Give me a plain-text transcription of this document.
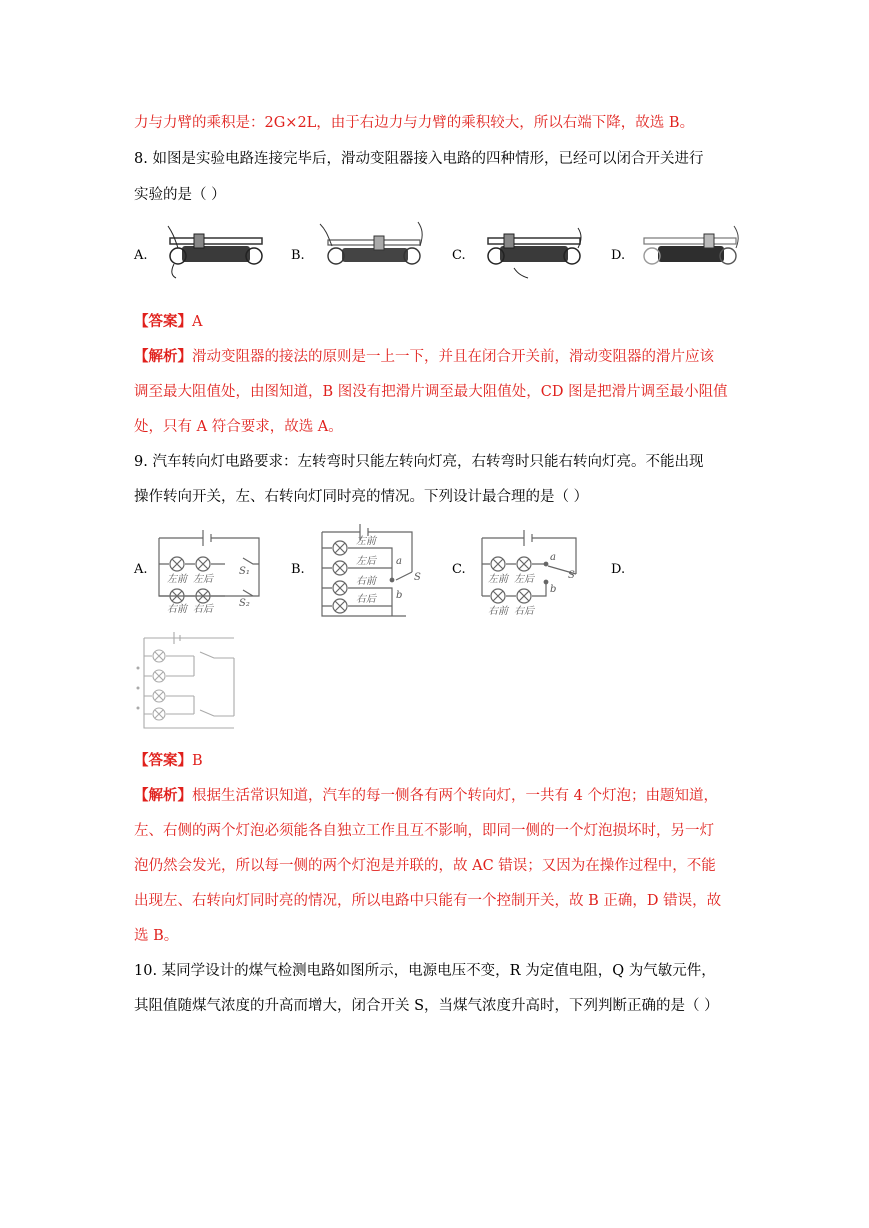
力与力臂的乘积是：2G×2L，由于右边力与力臂的乘积较大，所以右端下降，故选 B。
8. 如图是实验电路连接完毕后，滑动变阻器接入电路的四种情形，已经可以闭合开关进行
实验的是（ ）
A.	B.	C.	D.
【答案】A
【解析】滑动变阻器的接法的原则是一上一下，并且在闭合开关前，滑动变阻器的滑片应该
调至最大阻值处，由图知道，B 图没有把滑片调至最大阻值处，CD 图是把滑片调至最小阻值
处，只有 A 符合要求，故选 A。
9. 汽车转向灯电路要求：左转弯时只能左转向灯亮，右转弯时只能右转向灯亮。不能出现
操作转向开关，左、右转向灯同时亮的情况。下列设计最合理的是（ ）
A.
左前 左后
S₁
右前 右后
S₂
B.
左前
左后
右前
右后
a
b
S
C.
左前 左后
右前 右后
a
b
S	D.
【答案】B
【解析】根据生活常识知道，汽车的每一侧各有两个转向灯，一共有 4 个灯泡；由题知道，
左、右侧的两个灯泡必须能各自独立工作且互不影响，即同一侧的一个灯泡损坏时，另一灯
泡仍然会发光，所以每一侧的两个灯泡是并联的，故 AC 错误；又因为在操作过程中，不能
出现左、右转向灯同时亮的情况，所以电路中只能有一个控制开关，故 B 正确，D 错误，故
选 B。
10. 某同学设计的煤气检测电路如图所示，电源电压不变，R 为定值电阻，Q 为气敏元件，
其阻值随煤气浓度的升高而增大，闭合开关 S，当煤气浓度升高时，下列判断正确的是（ ）
